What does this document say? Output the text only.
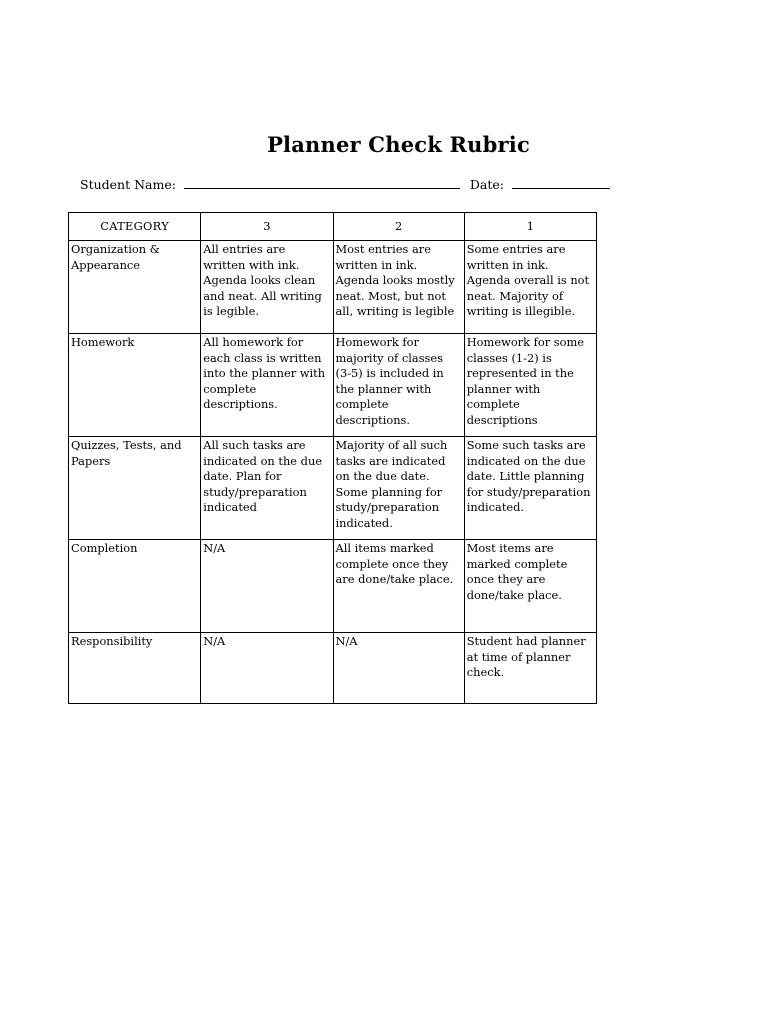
Planner Check Rubric
Student Name:	Date:
CATEGORY	3	2	1
Organization & Appearance	All entries are written with ink. Agenda looks clean and neat. All writing is legible.	Most entries are written in ink. Agenda looks mostly neat. Most, but not all, writing is legible	Some entries are written in ink. Agenda overall is not neat. Majority of writing is illegible.
Homework	All homework for each class is written into the planner with complete descriptions.	Homework for majority of classes (3-5) is included in the planner with complete descriptions.	Homework for some classes (1-2) is represented in the planner with complete descriptions
Quizzes, Tests, and Papers	All such tasks are indicated on the due date. Plan for study/preparation indicated	Majority of all such tasks are indicated on the due date. Some planning for study/preparation indicated.	Some such tasks are indicated on the due date. Little planning for study/preparation indicated.
Completion	N/A	All items marked complete once they are done/take place.	Most items are marked complete once they are done/take place.
Responsibility	N/A	N/A	Student had planner at time of planner check.
